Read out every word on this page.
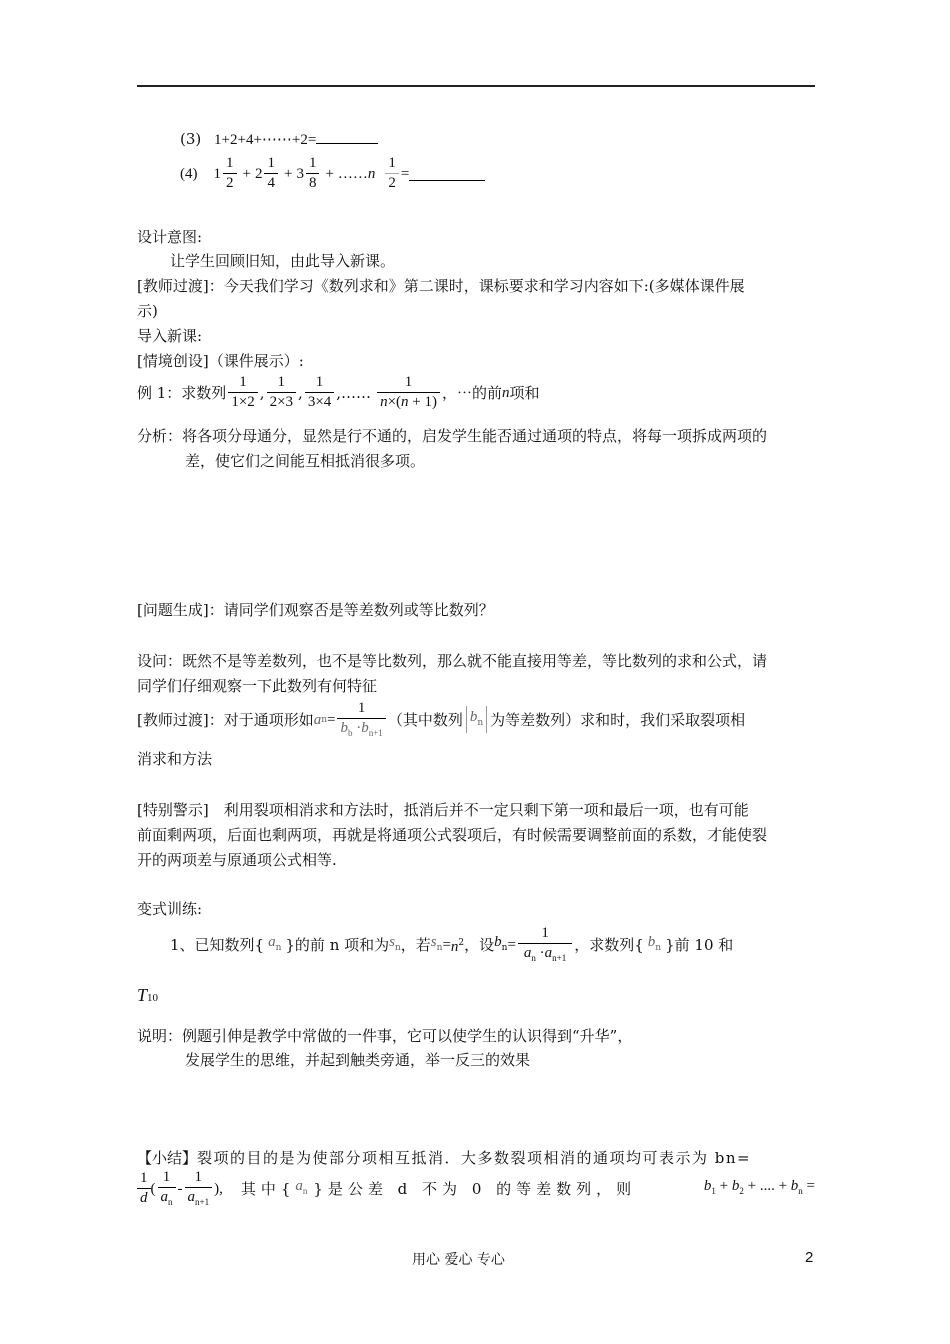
(3) 1+2+4+⋯⋯+2=
(4) $1 \frac{1}{2} + 2 \frac{1}{4} + 3 \frac{1}{8}$ + …… n $\frac{1}{2}$ =
设计意图:
让学生回顾旧知，由此导入新课。
[教师过渡]：今天我们学习《数列求和》第二课时，课标要求和学习内容如下:(多媒体课件展
示)
导入新课:
[情境创设]（课件展示）:
例 1：求数列 $\frac{1}{1\times 2}$ , $\frac{1}{2\times 3}$ , $\frac{1}{3\times 4}$ ,…… $\frac{1}{n\times(n + 1)}$ ，⋯的前 n 项和
分析：将各项分母通分，显然是行不通的，启发学生能否通过通项的特点，将每一项拆成两项的
差，使它们之间能互相抵消很多项。
[问题生成]：请同学们观察否是等差数列或等比数列？
设问：既然不是等差数列，也不是等比数列，那么就不能直接用等差，等比数列的求和公式，请
同学们仔细观察一下此数列有何特征
[教师过渡]：对于通项形如 a $n = \frac{1}{b_b \cdot b_{n+1}}$ （其中数列 $b_n$ 为等差数列）求和时，我们采取裂项相
消求和方法
[特别警示]　利用裂项相消求和方法时，抵消后并不一定只剩下第一项和最后一项，也有可能
前面剩两项，后面也剩两项，再就是将通项公式裂项后，有时候需要调整前面的系数，才能使裂
开的两项差与原通项公式相等.
变式训练:
1、已知数列{ $a_n$ }的前 n 项和为 $s_n$ ，若 $s_n = n^2$ ，设 $b_n = \frac{1}{a_n \cdot a_{n+1}}$ ，求数列{ $b_n$ }前 10 和
T10
说明：例题引伸是教学中常做的一件事，它可以使学生的认识得到“升华”，
发展学生的思维，并起到触类旁通，举一反三的效果
【小结】 裂项的目的是为使部分项相互抵消．大多数裂项相消的通项均可表示为 bn=
$\frac{1}{d}$ ( $\frac{1}{a_n} - \frac{1}{a_{n+1}}$ ), 其中{ $a_n$ }是公差 d 不为 0 的等差数列，则	$b_1 + b_2$ + .... + $b_n$ =
用心 爱心 专心	2
